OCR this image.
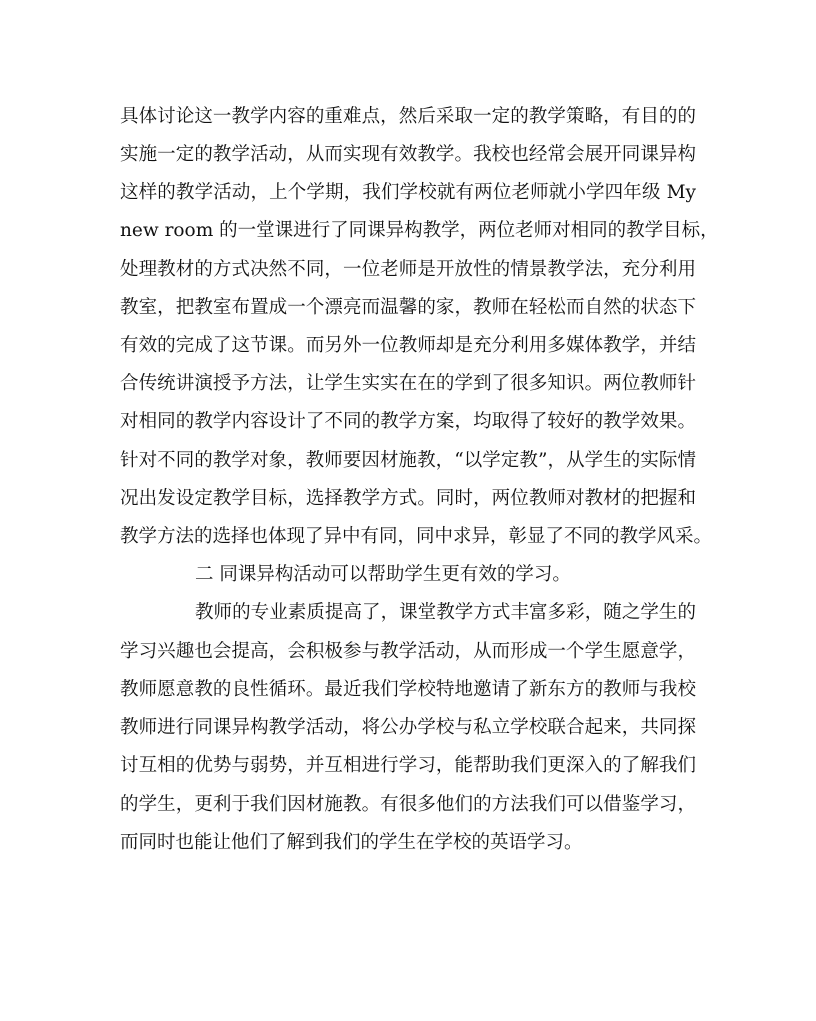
具体讨论这一教学内容的重难点，然后采取一定的教学策略，有目的的
实施一定的教学活动，从而实现有效教学。我校也经常会展开同课异构
这样的教学活动，上个学期，我们学校就有两位老师就小学四年级 My
new room 的一堂课进行了同课异构教学，两位老师对相同的教学目标，
处理教材的方式决然不同，一位老师是开放性的情景教学法，充分利用
教室，把教室布置成一个漂亮而温馨的家，教师在轻松而自然的状态下
有效的完成了这节课。而另外一位教师却是充分利用多媒体教学，并结
合传统讲演授予方法，让学生实实在在的学到了很多知识。两位教师针
对相同的教学内容设计了不同的教学方案，均取得了较好的教学效果。
针对不同的教学对象，教师要因材施教，“以学定教”，从学生的实际情
况出发设定教学目标，选择教学方式。同时，两位教师对教材的把握和
教学方法的选择也体现了异中有同，同中求异，彰显了不同的教学风采。
二 同课异构活动可以帮助学生更有效的学习。
教师的专业素质提高了，课堂教学方式丰富多彩，随之学生的
学习兴趣也会提高，会积极参与教学活动，从而形成一个学生愿意学，
教师愿意教的良性循环。最近我们学校特地邀请了新东方的教师与我校
教师进行同课异构教学活动，将公办学校与私立学校联合起来，共同探
讨互相的优势与弱势，并互相进行学习，能帮助我们更深入的了解我们
的学生，更利于我们因材施教。有很多他们的方法我们可以借鉴学习，
而同时也能让他们了解到我们的学生在学校的英语学习。
